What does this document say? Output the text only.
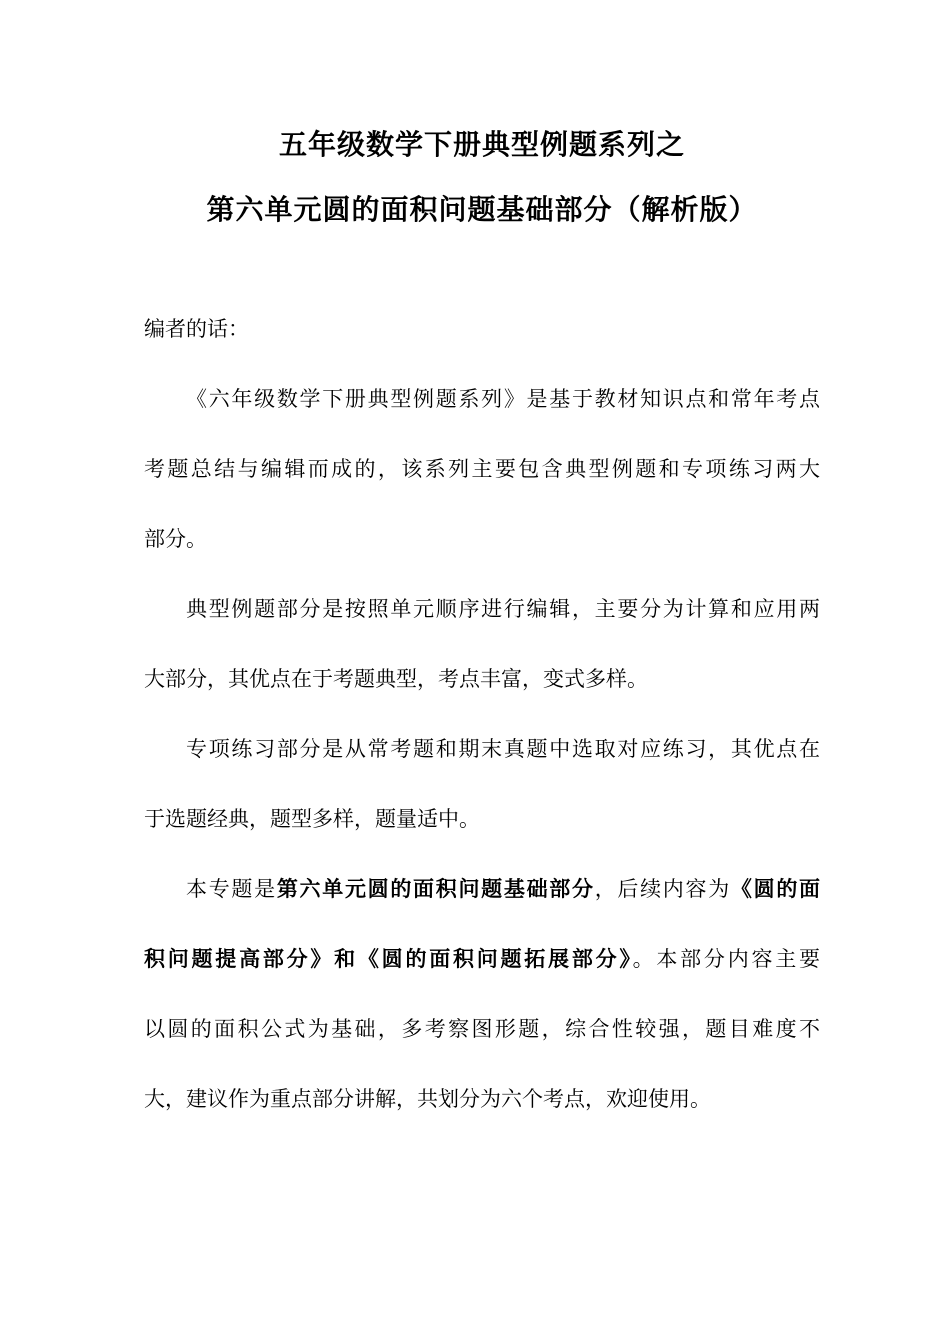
五年级数学下册典型例题系列之
第六单元圆的面积问题基础部分（解析版）
编者的话：
《六年级数学下册典型例题系列》是基于教材知识点和常年考点
考题总结与编辑而成的，该系列主要包含典型例题和专项练习两大
部分。
典型例题部分是按照单元顺序进行编辑，主要分为计算和应用两
大部分，其优点在于考题典型，考点丰富，变式多样。
专项练习部分是从常考题和期末真题中选取对应练习，其优点在
于选题经典，题型多样，题量适中。
本专题是第六单元圆的面积问题基础部分，后续内容为《圆的面
积问题提高部分》和《圆的面积问题拓展部分》。本部分内容主要
以圆的面积公式为基础，多考察图形题，综合性较强，题目难度不
大，建议作为重点部分讲解，共划分为六个考点，欢迎使用。
